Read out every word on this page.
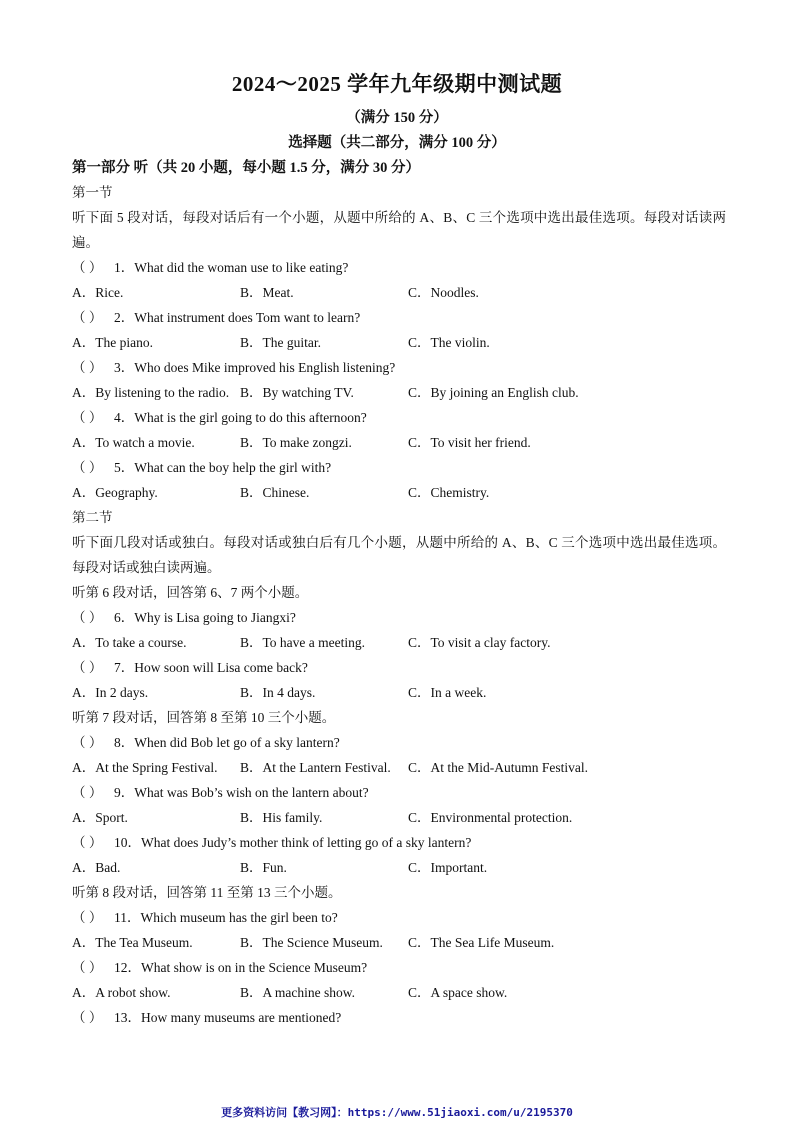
2024～2025 学年九年级期中测试题
（满分 150 分）
选择题（共二部分，满分 100 分）
第一部分 听（共 20 小题，每小题 1.5 分，满分 30 分）
第一节
听下面 5 段对话，每段对话后有一个小题，从题中所给的 A、B、C 三个选项中选出最佳选项。每段对话读两遍。
（ ） 1．What did the woman use to like eating?
A．Rice.	B．Meat.	C．Noodles.
（ ） 2．What instrument does Tom want to learn?
A．The piano.	B．The guitar.	C．The violin.
（ ） 3．Who does Mike improved his English listening?
A．By listening to the radio. B．By watching TV.	C．By joining an English club.
（ ） 4．What is the girl going to do this afternoon?
A．To watch a movie.	B．To make zongzi.	C．To visit her friend.
（ ） 5．What can the boy help the girl with?
A．Geography.	B．Chinese.	C．Chemistry.
第二节
听下面几段对话或独白。每段对话或独白后有几个小题，从题中所给的 A、B、C 三个选项中选出最佳选项。每段对话或独白读两遍。
听第 6 段对话，回答第 6、7 两个小题。
（ ） 6．Why is Lisa going to Jiangxi?
A．To take a course.	B．To have a meeting.	C．To visit a clay factory.
（ ） 7．How soon will Lisa come back?
A．In 2 days.	B．In 4 days.	C．In a week.
听第 7 段对话，回答第 8 至第 10 三个小题。
（ ） 8．When did Bob let go of a sky lantern?
A．At the Spring Festival. B．At the Lantern Festival. C．At the Mid-Autumn Festival.
（ ） 9．What was Bob’s wish on the lantern about?
A．Sport.	B．His family.	C．Environmental protection.
（ ） 10．What does Judy’s mother think of letting go of a sky lantern?
A．Bad.	B．Fun.	C．Important.
听第 8 段对话，回答第 11 至第 13 三个小题。
（ ） 11．Which museum has the girl been to?
A．The Tea Museum.	B．The Science Museum. C．The Sea Life Museum.
（ ） 12．What show is on in the Science Museum?
A．A robot show.	B．A machine show.	C．A space show.
（ ） 13．How many museums are mentioned?
更多资料访问【教习网】：https://www.51jiaoxi.com/u/2195370
